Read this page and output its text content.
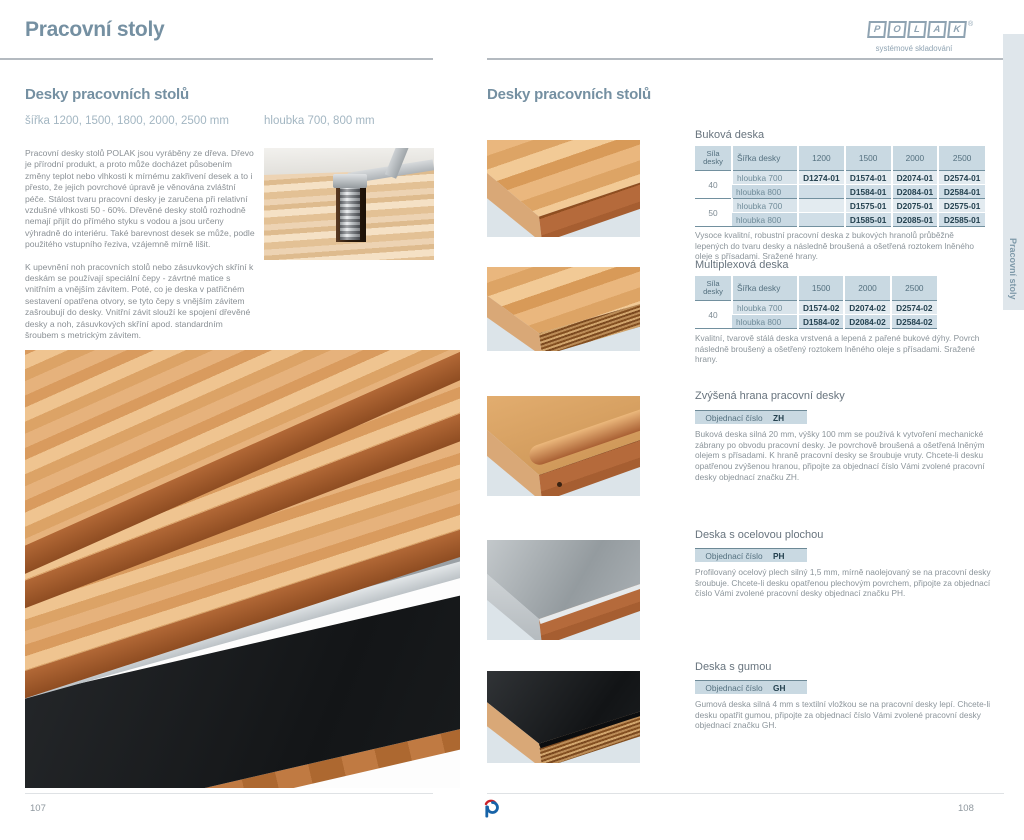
Pracovní stoly	P	O	L	A	K ®
systémové skladování
Pracovní stoly
Desky pracovních stolů
šířka 1200, 1500, 1800, 2000, 2500 mm	hloubka 700, 800 mm

Pracovní desky stolů POLAK jsou vyráběny ze dřeva. Dřevo je přírodní produkt, a proto může docházet působením změny teplot nebo vlhkosti k mírnému zakřivení desek a to i přesto, že jejich povrchové úpravě je věnována zvláštní péče. Stálost tvaru pracovní desky je zaručena při relativní vzdušné vlhkosti 50 - 60%. Dřevěné desky stolů rozhodně nemají přijít do přímého styku s vodou a jsou určeny výhradně do interiéru. Také barevnost desek se může, podle použitého vstupního řeziva, vzájemně mírně lišit.

K upevnění noh pracovních stolů nebo zásuvkových skříní k deskám se používají speciální čepy - závrtné matice s vnitřním a vnějším závitem. Poté, co je deska v patřičném sestavení opatřena otvory, se tyto čepy s vnějším závitem zašroubují do desky. Vnitřní závit slouží ke spojení dřevěné desky a noh, zásuvkových skříní apod. standardním šroubem s metrickým závitem.

Desky pracovních stolů
Buková deska
Síla desky	Šířka desky	1200	1500	2000	2500
40	hloubka 700	D1274-01	D1574-01	D2074-01	D2574-01
	hloubka 800		D1584-01	D2084-01	D2584-01
50	hloubka 700		D1575-01	D2075-01	D2575-01
	hloubka 800		D1585-01	D2085-01	D2585-01
Vysoce kvalitní, robustní pracovní deska z bukových hranolů průběžně lepených do tvaru desky a následně broušená a ošetřená roztokem lněného oleje s přísadami. Sražené hrany.
Multiplexová deska
Síla desky	Šířka desky	1500	2000	2500
40	hloubka 700	D1574-02	D2074-02	D2574-02
	hloubka 800	D1584-02	D2084-02	D2584-02
Kvalitní, tvarově stálá deska vrstvená a lepená z pařené bukové dýhy. Povrch následně broušený a ošetřený roztokem lněného oleje s přísadami. Sražené hrany.
Zvýšená hrana pracovní desky
Objednací číslo	ZH
Buková deska silná 20 mm, výšky 100 mm se používá k vytvoření mechanické zábrany po obvodu pracovní desky. Je povrchově broušená a ošetřená lněným olejem s přísadami. K hraně pracovní desky se šroubuje vruty. Chcete-li desku opatřenou zvýšenou hranou, připojte za objednací číslo Vámi zvolené pracovní desky objednací značku ZH.
Deska s ocelovou plochou
Objednací číslo	PH
Profilovaný ocelový plech silný 1,5 mm, mírně naolejovaný se na pracovní desky šroubuje. Chcete-li desku opatřenou plechovým povrchem, připojte za objednací číslo Vámi zvolené pracovní desky objednací značku PH.
Deska s gumou
Objednací číslo	GH
Gumová deska silná 4 mm s textilní vložkou se na pracovní desky lepí. Chcete-li desku opatřit gumou, připojte za objednací číslo Vámi zvolené pracovní desky objednací značku GH.
107	108
